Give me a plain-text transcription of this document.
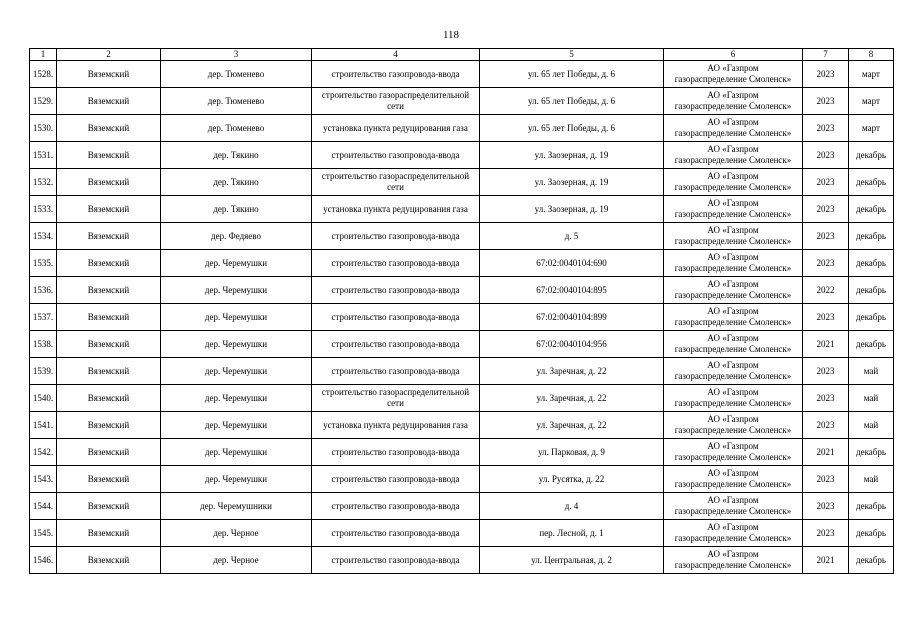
118
1	2	3	4	5	6	7	8
1528.	Вяземский	дер. Тюменево	строительство газопровода-ввода	ул. 65 лет Победы, д. 6	АО «Газпром
газораспределение Смоленск»	2023	март
1529.	Вяземский	дер. Тюменево	строительство газораспределительной сети	ул. 65 лет Победы, д. 6	АО «Газпром
газораспределение Смоленск»	2023	март
1530.	Вяземский	дер. Тюменево	установка пункта редуцирования газа	ул. 65 лет Победы, д. 6	АО «Газпром
газораспределение Смоленск»	2023	март
1531.	Вяземский	дер. Тякино	строительство газопровода-ввода	ул. Заозерная, д. 19	АО «Газпром
газораспределение Смоленск»	2023	декабрь
1532.	Вяземский	дер. Тякино	строительство газораспределительной сети	ул. Заозерная, д. 19	АО «Газпром
газораспределение Смоленск»	2023	декабрь
1533.	Вяземский	дер. Тякино	установка пункта редуцирования газа	ул. Заозерная, д. 19	АО «Газпром
газораспределение Смоленск»	2023	декабрь
1534.	Вяземский	дер. Федяево	строительство газопровода-ввода	д. 5	АО «Газпром
газораспределение Смоленск»	2023	декабрь
1535.	Вяземский	дер. Черемушки	строительство газопровода-ввода	67:02:0040104:690	АО «Газпром
газораспределение Смоленск»	2023	декабрь
1536.	Вяземский	дер. Черемушки	строительство газопровода-ввода	67:02:0040104:895	АО «Газпром
газораспределение Смоленск»	2022	декабрь
1537.	Вяземский	дер. Черемушки	строительство газопровода-ввода	67:02:0040104:899	АО «Газпром
газораспределение Смоленск»	2023	декабрь
1538.	Вяземский	дер. Черемушки	строительство газопровода-ввода	67:02:0040104:956	АО «Газпром
газораспределение Смоленск»	2021	декабрь
1539.	Вяземский	дер. Черемушки	строительство газопровода-ввода	ул. Заречная, д. 22	АО «Газпром
газораспределение Смоленск»	2023	май
1540.	Вяземский	дер. Черемушки	строительство газораспределительной сети	ул. Заречная, д. 22	АО «Газпром
газораспределение Смоленск»	2023	май
1541.	Вяземский	дер. Черемушки	установка пункта редуцирования газа	ул. Заречная, д. 22	АО «Газпром
газораспределение Смоленск»	2023	май
1542.	Вяземский	дер. Черемушки	строительство газопровода-ввода	ул. Парковая, д. 9	АО «Газпром
газораспределение Смоленск»	2021	декабрь
1543.	Вяземский	дер. Черемушки	строительство газопровода-ввода	ул. Русятка, д. 22	АО «Газпром
газораспределение Смоленск»	2023	май
1544.	Вяземский	дер. Черемушники	строительство газопровода-ввода	д. 4	АО «Газпром
газораспределение Смоленск»	2023	декабрь
1545.	Вяземский	дер. Черное	строительство газопровода-ввода	пер. Лесной, д. 1	АО «Газпром
газораспределение Смоленск»	2023	декабрь
1546.	Вяземский	дер. Черное	строительство газопровода-ввода	ул. Центральная, д. 2	АО «Газпром
газораспределение Смоленск»	2021	декабрь
